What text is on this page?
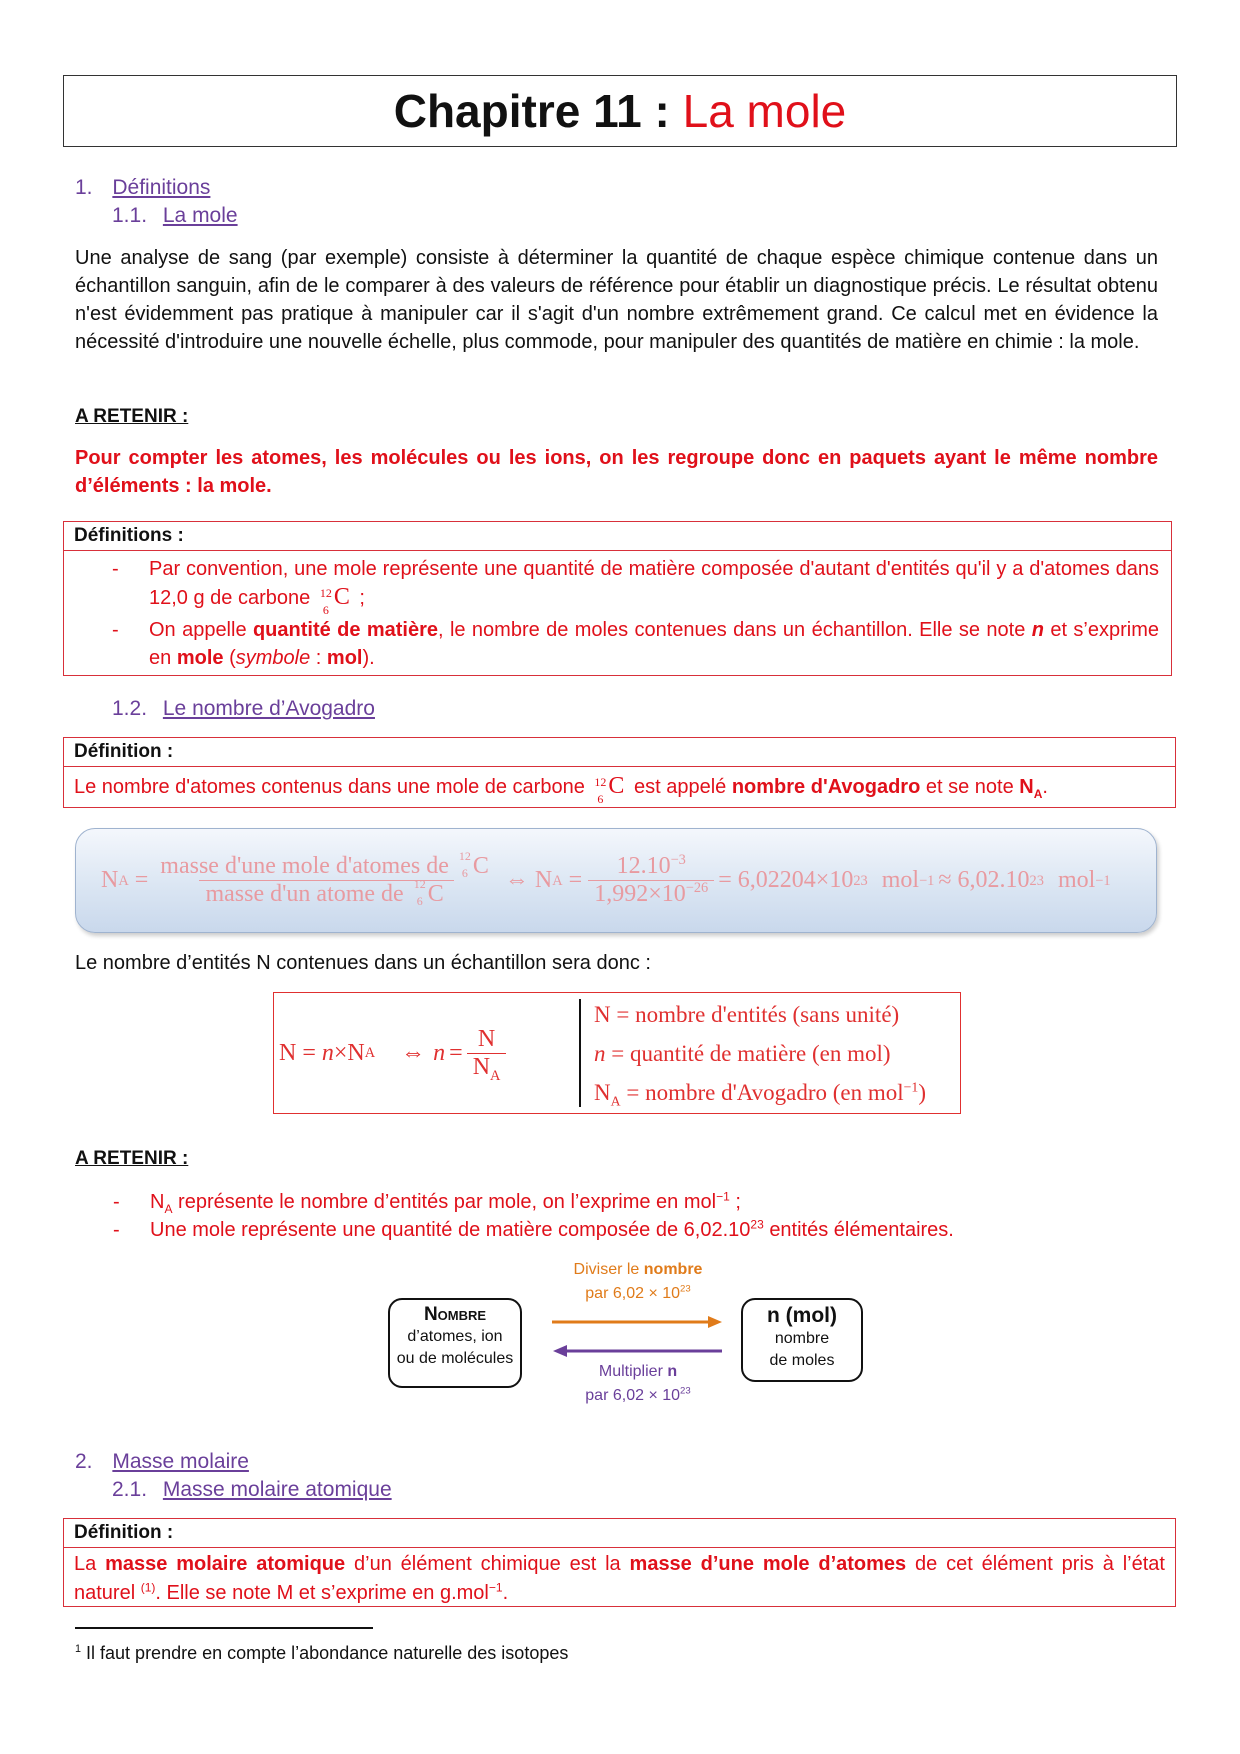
Chapitre 11 : La mole
1. Définitions
1.1. La mole
Une analyse de sang (par exemple) consiste à déterminer la quantité de chaque espèce chimique contenue dans un échantillon sanguin, afin de le comparer à des valeurs de référence pour établir un diagnostique précis. Le résultat obtenu n'est évidemment pas pratique à manipuler car il s'agit d'un nombre extrêmement grand. Ce calcul met en évidence la nécessité d'introduire une nouvelle échelle, plus commode, pour manipuler des quantités de matière en chimie : la mole.
A RETENIR :
Pour compter les atomes, les molécules ou les ions, on les regroupe donc en paquets ayant le même nombre d’éléments : la mole.
Définitions :
- Par convention, une mole représente une quantité de matière composée d'autant d'entités qu'il y a d'atomes dans 12,0 g de carbone 12
6 C ;
- On appelle quantité de matière, le nombre de moles contenues dans un échantillon. Elle se note n et s’exprime en mole (symbole : mol).
1.2. Le nombre d’Avogadro
Définition :
Le nombre d'atomes contenus dans une mole de carbone 12
6 C est appelé nombre d'Avogadro et se note $N_A$.
N A = masse d'une mole d'atomes de 12
6 C
masse d'un atome de 12
6 C ⇔ N $A = \frac{12.10^{-3}}{1,992\times 10^{-26}} = 6,02204\times 10$ 23 mol −1 ≈ 6,02.10 23 mol −1
Le nombre d’entités N contenues dans un échantillon sera donc :
N =
n ×N A ⇔ $n = \frac{N}{N_A}$
N = nombre d'entités (sans unité)
n = quantité de matière (en mol)
$N_A$ = nombre d'Avogadro (en mol$^{-1}$)
A RETENIR :
- $N_A$ représente le nombre d’entités par mole, on l’exprime en mol$^{-1}$ ;
- Une mole représente une quantité de matière composée de 6,02.10$^{23}$ entités élémentaires.
Diviser le nombre
par $6,02 \times 10^{23}$
Nombre
d’atomes, ion
ou de molécules
n (mol)
nombre
de moles
Multiplier n
par $6,02 \times 10^{23}$
2. Masse molaire
2.1. Masse molaire atomique
Définition :
La masse molaire atomique d’un élément chimique est la masse d’une mole d’atomes de cet élément pris à l’état naturel $^{(1)}$. Elle se note M et s’exprime en g.mol$^{-1}$.
$^1$ Il faut prendre en compte l’abondance naturelle des isotopes
